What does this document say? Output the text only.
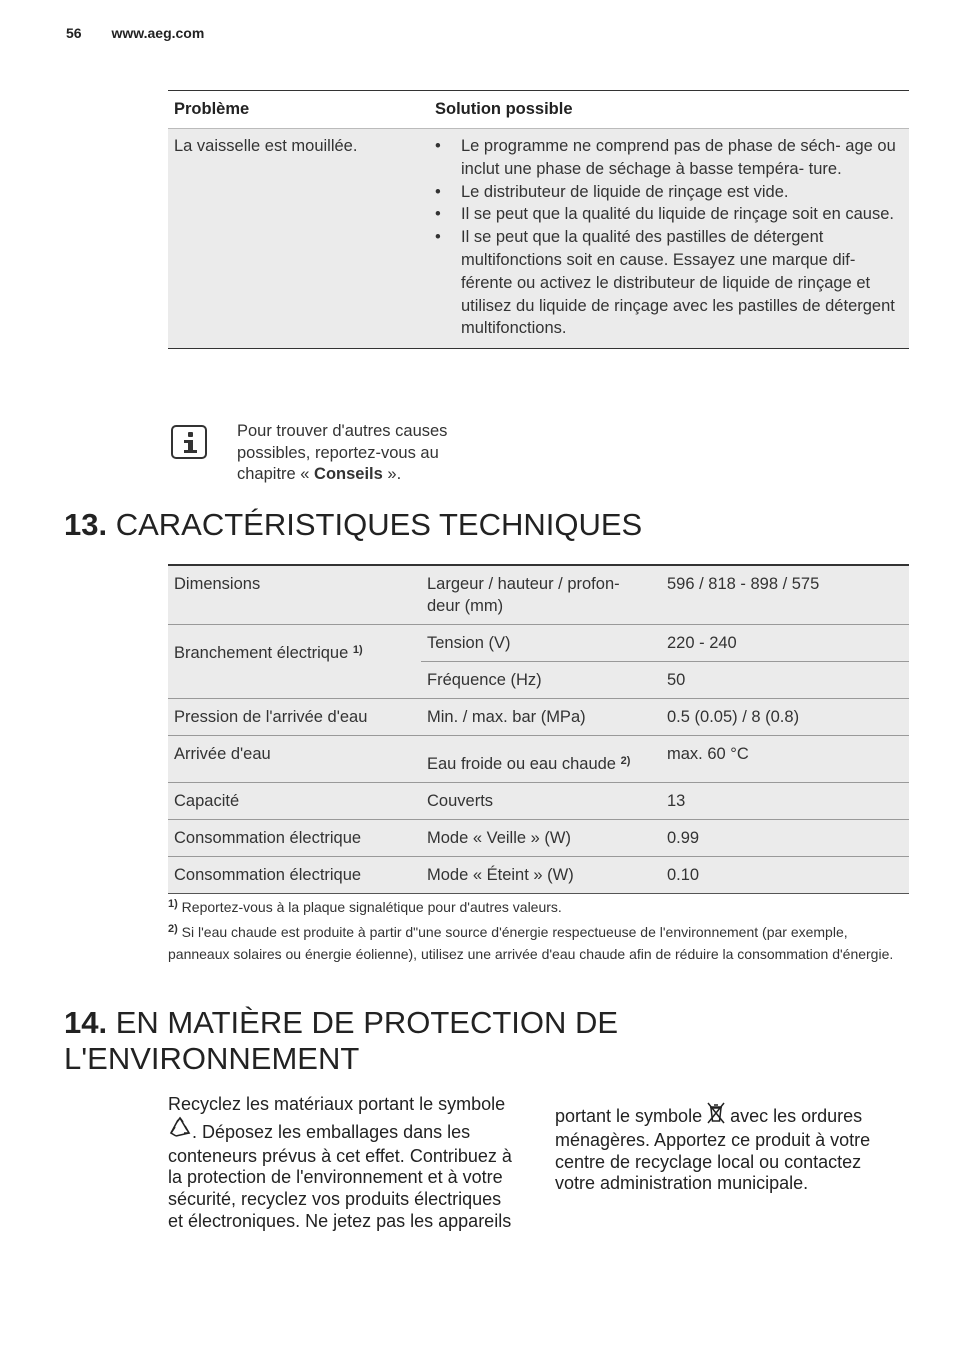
56 www.aeg.com
Problème	Solution possible
La vaisselle est mouillée.
•	Le programme ne comprend pas de phase de séch- age ou inclut une phase de séchage à basse tempéra- ture.
• Le distributeur de liquide de rinçage est vide.
• Il se peut que la qualité du liquide de rinçage soit en cause.
• Il se peut que la qualité des pastilles de détergent multifonctions soit en cause. Essayez une marque dif- férente ou activez le distributeur de liquide de rinçage et utilisez du liquide de rinçage avec les pastilles de détergent multifonctions.
Pour trouver d'autres causes possibles, reportez-vous au chapitre « Conseils ».
13. CARACTÉRISTIQUES TECHNIQUES
Dimensions	Largeur / hauteur / profon- deur (mm)
596 / 818 - 898 / 575
Branchement électrique $^{1)}$	Tension (V)	220 - 240
Fréquence (Hz)	50
Pression de l'arrivée d'eau	Min. / max. bar (MPa)	0.5 (0.05) / 8 (0.8)
Arrivée d'eau
Eau froide ou eau chaude $^{2)}$	max. 60 °C
Capacité	Couverts	13
Consommation électrique	Mode « Veille » (W)	0.99
Consommation électrique	Mode « Éteint » (W)	0.10
$^{1)}$ Reportez-vous à la plaque signalétique pour d'autres valeurs.
$^{2)}$ Si l'eau chaude est produite à partir d"une source d'énergie respectueuse de l'environnement (par exemple, panneaux solaires ou énergie éolienne), utilisez une arrivée d'eau chaude afin de réduire la consommation d'énergie.
14. EN MATIÈRE DE PROTECTION DE L'ENVIRONNEMENT
Recyclez les matériaux portant le symbole . Déposez les emballages dans les conteneurs prévus à cet effet. Contribuez à la protection de l'environnement et à votre sécurité, recyclez vos produits électriques et électroniques. Ne jetez pas les appareils
portant le symbole  avec les ordures ménagères. Apportez ce produit à votre centre de recyclage local ou contactez votre administration municipale.
